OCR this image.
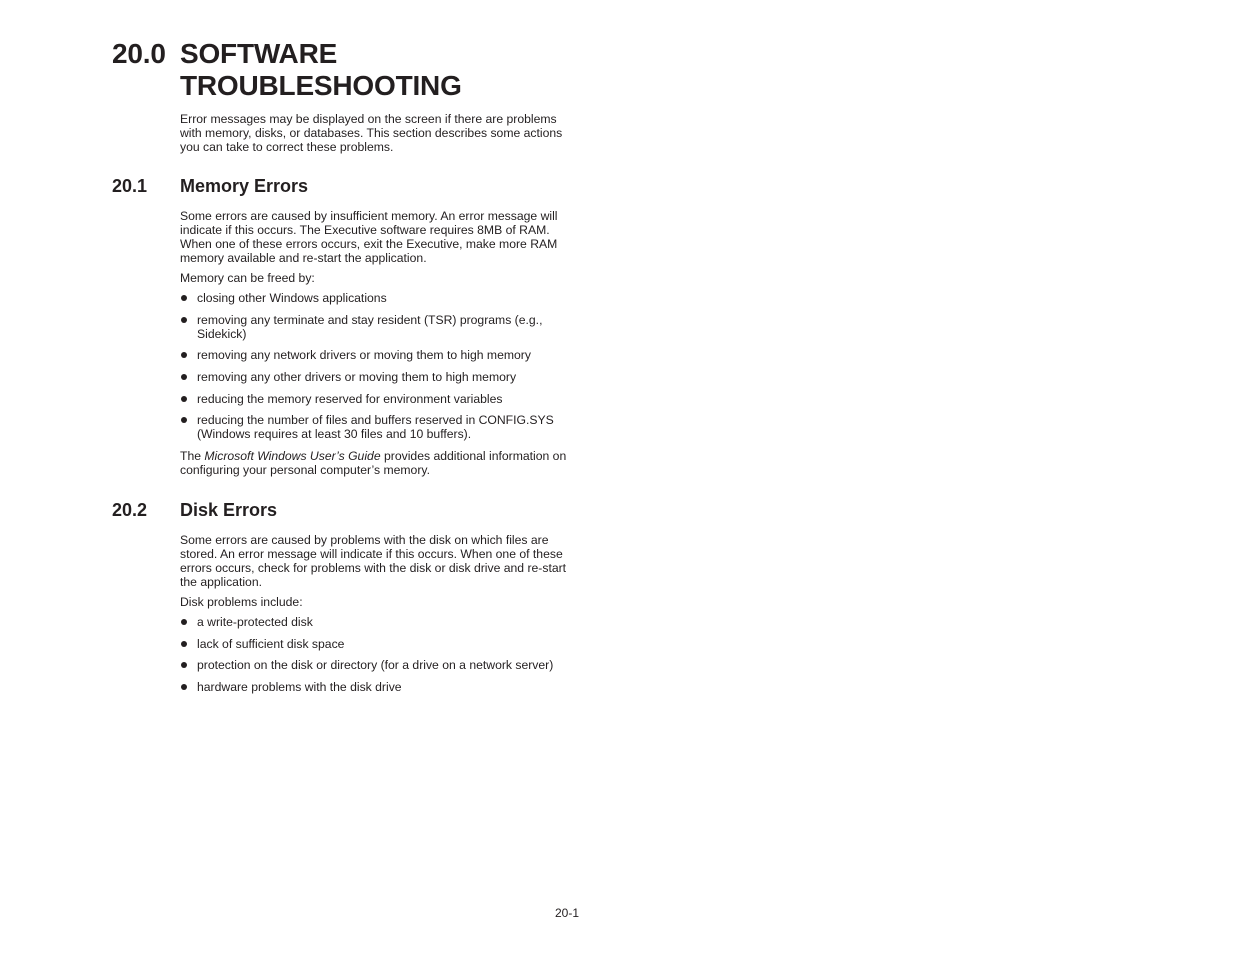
20.0 SOFTWARE TROUBLESHOOTING

Error messages may be displayed on the screen if there are problems with memory, disks, or databases. This section describes some actions you can take to correct these problems.

20.1 Memory Errors

Some errors are caused by insufficient memory. An error message will indicate if this occurs. The Executive software requires 8MB of RAM. When one of these errors occurs, exit the Executive, make more RAM memory available and re-start the application.

Memory can be freed by:

closing other Windows applications
removing any terminate and stay resident (TSR) programs (e.g., Sidekick)
removing any network drivers or moving them to high memory
removing any other drivers or moving them to high memory
reducing the memory reserved for environment variables
reducing the number of files and buffers reserved in CONFIG.SYS (Windows requires at least 30 files and 10 buffers).

The Microsoft Windows User’s Guide provides additional information on configuring your personal computer’s memory.

20.2 Disk Errors

Some errors are caused by problems with the disk on which files are stored. An error message will indicate if this occurs. When one of these errors occurs, check for problems with the disk or disk drive and re-start the application.

Disk problems include:

a write-protected disk
lack of sufficient disk space
protection on the disk or directory (for a drive on a network server)
hardware problems with the disk drive
20-1
